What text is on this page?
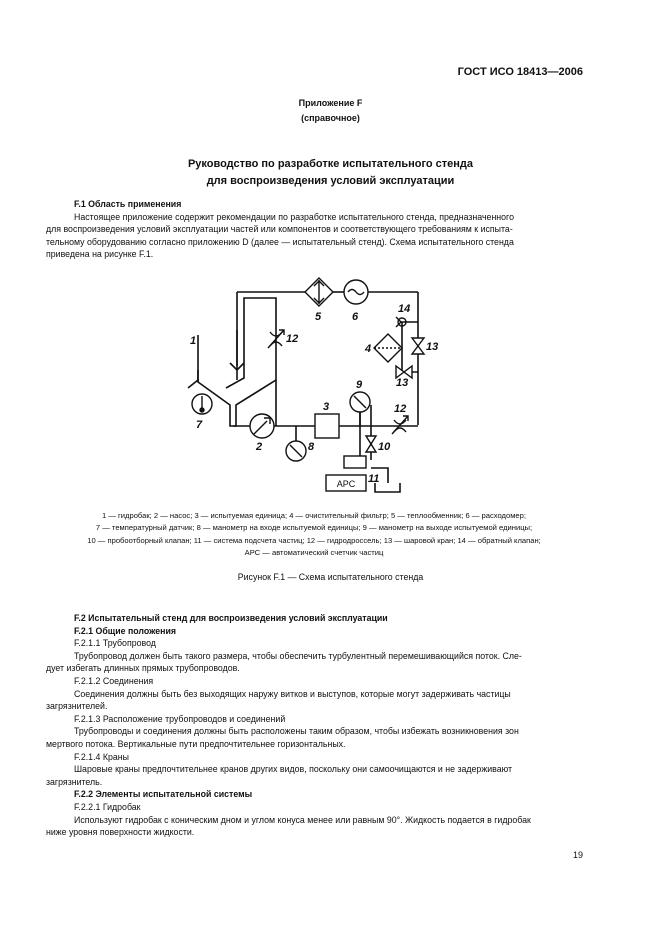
ГОСТ ИСО 18413—2006
Приложение F
(справочное)
Руководство по разработке испытательного стенда
для воспроизведения условий эксплуатации

F.1 Область применения

Настоящее приложение содержит рекомендации по разработке испытательного стенда, предназначенного

для воспроизведения условий эксплуатации частей или компонентов и соответствующего требованиям к испыта-

тельному оборудованию согласно приложению D (далее — испытательный стенд). Схема испытательного стенда

приведена на рисунке F.1.

АРС
1
2
3
4
5	6
7
8
9
10
11
12
12
13
13
14
1 — гидробак; 2 — насос; 3 — испытуемая единица; 4 — очистительный фильтр; 5 — теплообменник; 6 — расходомер;
7 — температурный датчик; 8 — манометр на входе испытуемой единицы; 9 — манометр на выходе испытуемой единицы;
10 — пробоотборный клапан; 11 — система подсчета частиц; 12 — гидродроссель; 13 — шаровой кран; 14 — обратный клапан;
АРС — автоматический счетчик частиц
Рисунок F.1 — Схема испытательного стенда

F.2 Испытательный стенд для воспроизведения условий эксплуатации

F.2.1 Общие положения

F.2.1.1 Трубопровод

Трубопровод должен быть такого размера, чтобы обеспечить турбулентный перемешивающийся поток. Сле-

дует избегать длинных прямых трубопроводов.

F.2.1.2 Соединения

Соединения должны быть без выходящих наружу витков и выступов, которые могут задерживать частицы

загрязнителей.

F.2.1.3 Расположение трубопроводов и соединений

Трубопроводы и соединения должны быть расположены таким образом, чтобы избежать возникновения зон

мертвого потока. Вертикальные пути предпочтительнее горизонтальных.

F.2.1.4 Краны

Шаровые краны предпочтительнее кранов других видов, поскольку они самоочищаются и не задерживают

загрязнитель.

F.2.2 Элементы испытательной системы

F.2.2.1 Гидробак

Используют гидробак с коническим дном и углом конуса менее или равным 90°. Жидкость подается в гидробак

ниже уровня поверхности жидкости.

19
